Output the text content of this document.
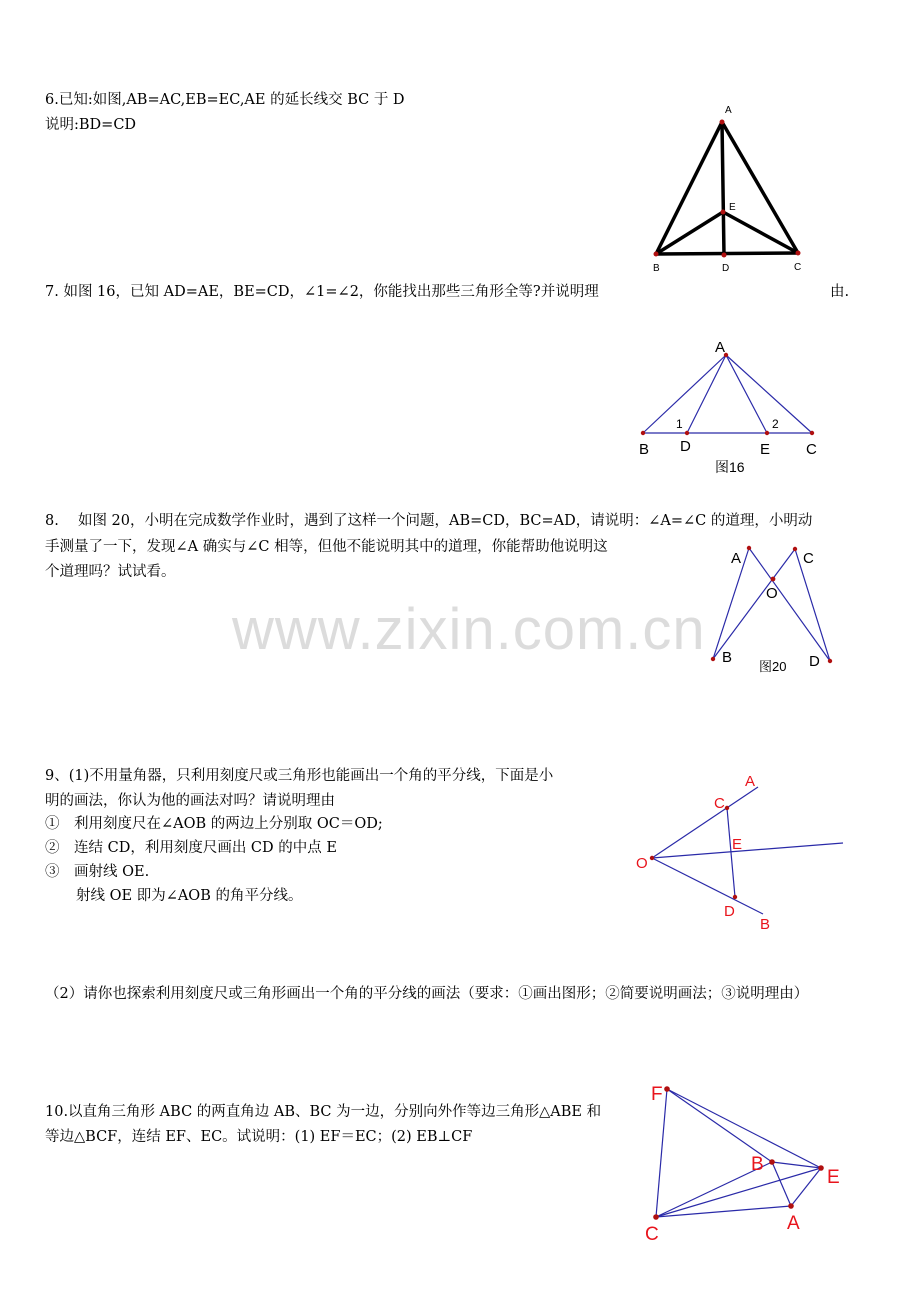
www.zixin.com.cn
6.已知:如图,AB=AC,EB=EC,AE 的延长线交 BC 于 D
说明:BD=CD
A
E
B	D	C
7. 如图 16，已知 AD=AE，BE=CD，∠1=∠2，你能找出那些三角形全等?并说明理	由.
A
1	2
B D	E C
图16
8.　 如图 20，小明在完成数学作业时，遇到了这样一个问题，AB=CD，BC=AD，请说明：∠A=∠C 的道理，小明动
手测量了一下，发现∠A 确实与∠C 相等，但他不能说明其中的道理，你能帮助他说明这
个道理吗？试试看。
A	C
O
B	D
图20
9、(1)不用量角器，只利用刻度尺或三角形也能画出一个角的平分线，下面是小
明的画法，你认为他的画法对吗？请说明理由
①　利用刻度尺在∠AOB 的两边上分别取 OC＝OD;
②　连结 CD，利用刻度尺画出 CD 的中点 E
③　画射线 OE.
射线 OE 即为∠AOB 的角平分线。
（2）请你也探索利用刻度尺或三角形画出一个角的平分线的画法（要求：①画出图形；②简要说明画法；③说明理由）
A
C
E
O
D
B
10.以直角三角形 ABC 的两直角边 AB、BC 为一边，分别向外作等边三角形△ABE 和
等边△BCF，连结 EF、EC。试说明：(1) EF＝EC；(2) EB⊥CF
F
B
E
A
C
